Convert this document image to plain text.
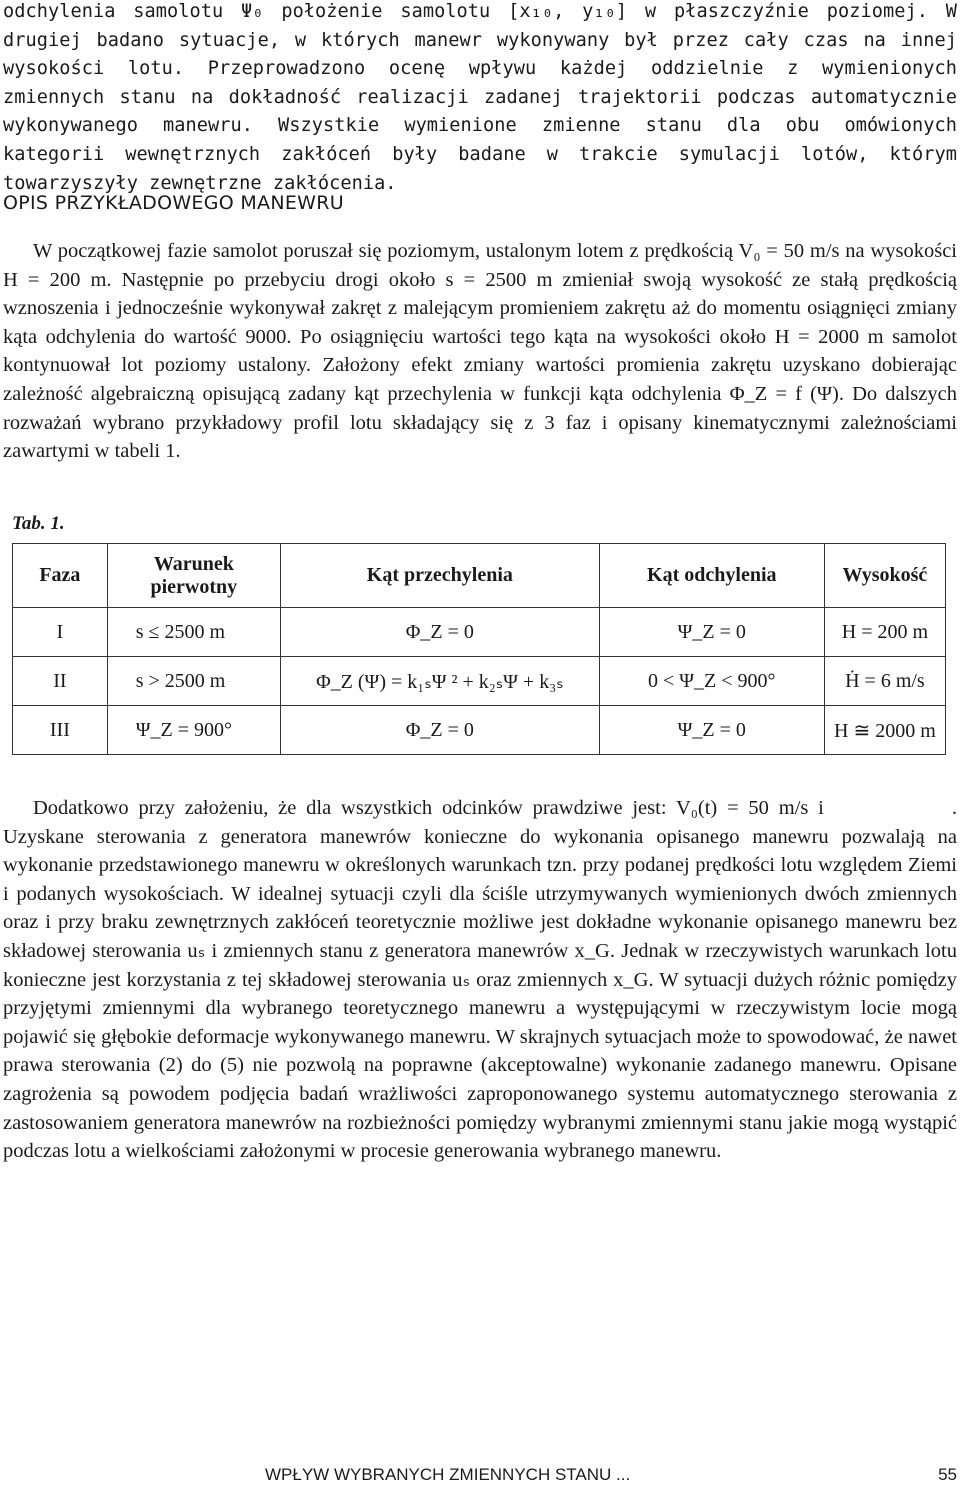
odchylenia samolotu Ψ₀ położenie samolotu [x₁₀, y₁₀] w płaszczyźnie poziomej. W drugiej badano sytuacje, w których manewr wykonywany był przez cały czas na innej wysokości lotu. Przeprowadzono ocenę wpływu każdej oddzielnie z wymienionych zmiennych stanu na dokładność realizacji zadanej trajektorii podczas automatycznie wykonywanego manewru. Wszystkie wymienione zmienne stanu dla obu omówionych kategorii wewnętrznych zakłóceń były badane w trakcie symulacji lotów, którym towarzyszyły zewnętrzne zakłócenia.

OPIS PRZYKŁADOWEGO MANEWRU

W początkowej fazie samolot poruszał się poziomym, ustalonym lotem z prędkością V₀ = 50 m/s na wysokości H = 200 m. Następnie po przebyciu drogi około s = 2500 m zmieniał swoją wysokość ze stałą prędkością wznoszenia i jednocześnie wykonywał zakręt z malejącym promieniem zakrętu aż do momentu osiągnięci zmiany kąta odchylenia do wartość 9000. Po osiągnięciu wartości tego kąta na wysokości około H = 2000 m samolot kontynuował lot poziomy ustalony. Założony efekt zmiany wartości promienia zakrętu uzyskano dobierając zależność algebraiczną opisującą zadany kąt przechylenia w funkcji kąta odchylenia Φ_Z = f (Ψ). Do dalszych rozważań wybrano przykładowy profil lotu składający się z 3 faz i opisany kinematycznymi zależnościami zawartymi w tabeli 1.

Tab. 1.

Faza	Warunek pierwotny	Kąt przechylenia	Kąt odchylenia	Wysokość
I	s ≤ 2500 m	Φ_Z = 0	Ψ_Z = 0	H = 200 m
II	s > 2500 m	Φ_Z (Ψ) = k₁ₛΨ ² + k₂ₛΨ + k₃ₛ	0 < Ψ_Z < 900°	Ḣ = 6 m/s
III	Ψ_Z = 900°	Φ_Z = 0	Ψ_Z = 0	H ≅ 2000 m

Dodatkowo przy założeniu, że dla wszystkich odcinków prawdziwe jest: V₀(t) = 50 m/s i	. Uzyskane sterowania z generatora manewrów konieczne do wykonania opisanego manewru pozwalają na wykonanie przedstawionego manewru w określonych warunkach tzn. przy podanej prędkości lotu względem Ziemi i podanych wysokościach. W idealnej sytuacji czyli dla ściśle utrzymywanych wymienionych dwóch zmiennych oraz i przy braku zewnętrznych zakłóceń teoretycznie możliwe jest dokładne wykonanie opisanego manewru bez składowej sterowania uₛ i zmiennych stanu z generatora manewrów x_G. Jednak w rzeczywistych warunkach lotu konieczne jest korzystania z tej składowej sterowania uₛ oraz zmiennych x_G. W sytuacji dużych różnic pomiędzy przyjętymi zmiennymi dla wybranego teoretycznego manewru a występującymi w rzeczywistym locie mogą pojawić się głębokie deformacje wykonywanego manewru. W skrajnych sytuacjach może to spowodować, że nawet prawa sterowania (2) do (5) nie pozwolą na poprawne (akceptowalne) wykonanie zadanego manewru. Opisane zagrożenia są powodem podjęcia badań wrażliwości zaproponowanego systemu automatycznego sterowania z zastosowaniem generatora manewrów na rozbieżności pomiędzy wybranymi zmiennymi stanu jakie mogą wystąpić podczas lotu a wielkościami założonymi w procesie generowania wybranego manewru.

WPŁYW WYBRANYCH ZMIENNYCH STANU ...	55
